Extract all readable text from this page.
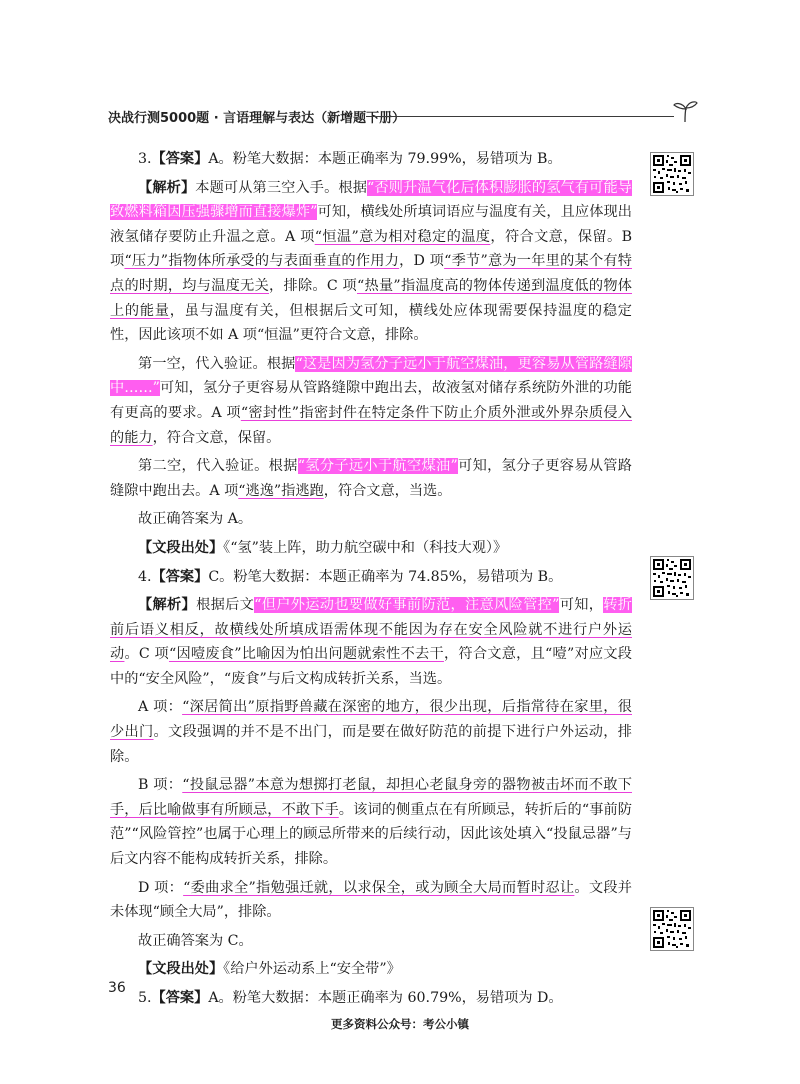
决战行测5000题 · 言语理解与表达（新增题下册）

3.【答案】A。粉笔大数据：本题正确率为 79.99%，易错项为 B。

【解析】本题可从第三空入手。根据“否则升温气化后体积膨胀的氢气有可能导致燃料箱因压强骤增而直接爆炸”可知，横线处所填词语应与温度有关，且应体现出液氢储存要防止升温之意。A 项“恒温”意为相对稳定的温度，符合文意，保留。B 项“压力”指物体所承受的与表面垂直的作用力，D 项“季节”意为一年里的某个有特点的时期，均与温度无关，排除。C 项“热量”指温度高的物体传递到温度低的物体上的能量，虽与温度有关，但根据后文可知，横线处应体现需要保持温度的稳定性，因此该项不如 A 项“恒温”更符合文意，排除。

第一空，代入验证。根据“这是因为氢分子远小于航空煤油，更容易从管路缝隙中……”可知，氢分子更容易从管路缝隙中跑出去，故液氢对储存系统防外泄的功能有更高的要求。A 项“密封性”指密封件在特定条件下防止介质外泄或外界杂质侵入的能力，符合文意，保留。

第二空，代入验证。根据“氢分子远小于航空煤油”可知，氢分子更容易从管路缝隙中跑出去。A 项“逃逸”指逃跑，符合文意，当选。

故正确答案为 A。

【文段出处】《“氢”装上阵，助力航空碳中和（科技大观）》

4.【答案】C。粉笔大数据：本题正确率为 74.85%，易错项为 B。

【解析】根据后文“但户外运动也要做好事前防范，注意风险管控”可知，转折前后语义相反，故横线处所填成语需体现不能因为存在安全风险就不进行户外运动。C 项“因噎废食”比喻因为怕出问题就索性不去干，符合文意，且“噎”对应文段中的“安全风险”，“废食”与后文构成转折关系，当选。

A 项：“深居简出”原指野兽藏在深密的地方，很少出现，后指常待在家里，很少出门。文段强调的并不是不出门，而是要在做好防范的前提下进行户外运动，排除。

B 项：“投鼠忌器”本意为想掷打老鼠，却担心老鼠身旁的器物被击坏而不敢下手，后比喻做事有所顾忌，不敢下手。该词的侧重点在有所顾忌，转折后的“事前防范”“风险管控”也属于心理上的顾忌所带来的后续行动，因此该处填入“投鼠忌器”与后文内容不能构成转折关系，排除。

D 项：“委曲求全”指勉强迁就，以求保全，或为顾全大局而暂时忍让。文段并未体现“顾全大局”，排除。

故正确答案为 C。

【文段出处】《给户外运动系上“安全带”》

5.【答案】A。粉笔大数据：本题正确率为 60.79%，易错项为 D。

36
更多资料公众号：考公小镇
